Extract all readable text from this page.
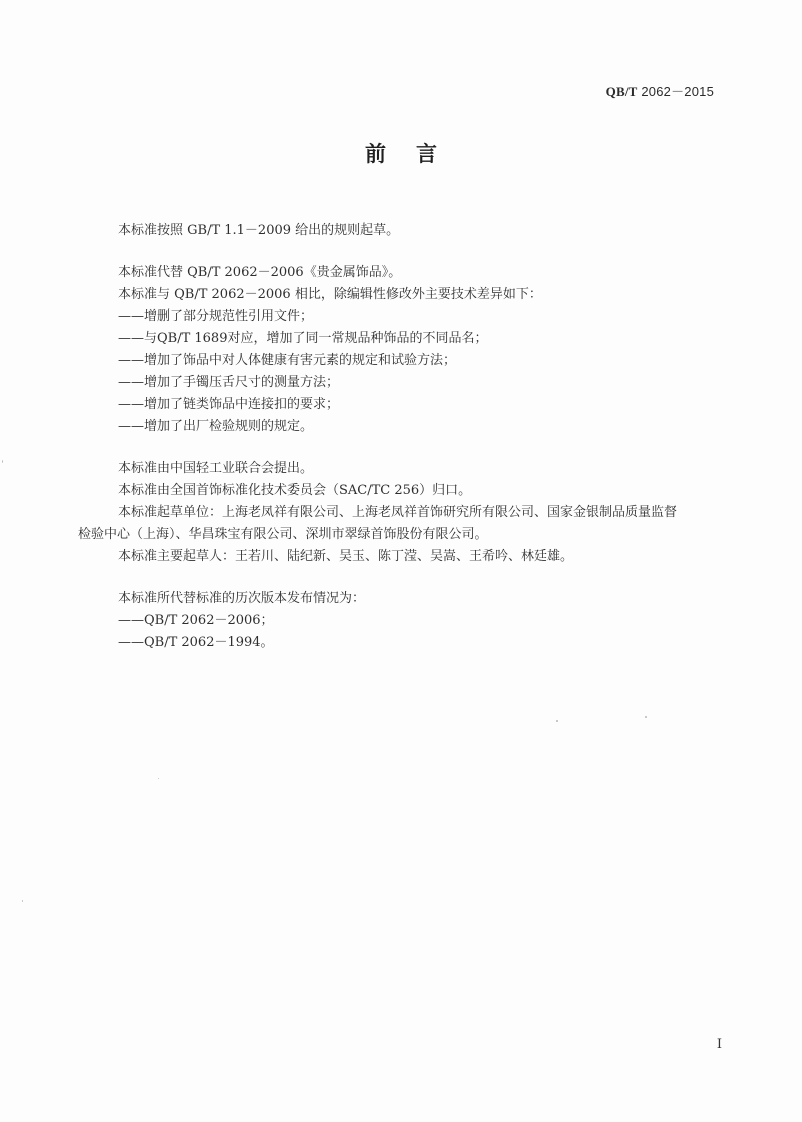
QB/T 2062－2015
前言
本标准按照 GB/T 1.1－2009 给出的规则起草。
本标准代替 QB/T 2062－2006《贵金属饰品》。
本标准与 QB/T 2062－2006 相比，除编辑性修改外主要技术差异如下：
——增删了部分规范性引用文件；
——与QB/T 1689对应，增加了同一常规品种饰品的不同品名；
——增加了饰品中对人体健康有害元素的规定和试验方法；
——增加了手镯压舌尺寸的测量方法；
——增加了链类饰品中连接扣的要求；
——增加了出厂检验规则的规定。
本标准由中国轻工业联合会提出。
本标准由全国首饰标准化技术委员会（SAC/TC 256）归口。
本标准起草单位：上海老凤祥有限公司、上海老凤祥首饰研究所有限公司、国家金银制品质量监督
检验中心（上海）、华昌珠宝有限公司、深圳市翠绿首饰股份有限公司。
本标准主要起草人：王若川、陆纪新、吴玉、陈丁滢、吴嵩、王希吟、林廷雄。
本标准所代替标准的历次版本发布情况为：
——QB/T 2062－2006；
——QB/T 2062－1994。
I
